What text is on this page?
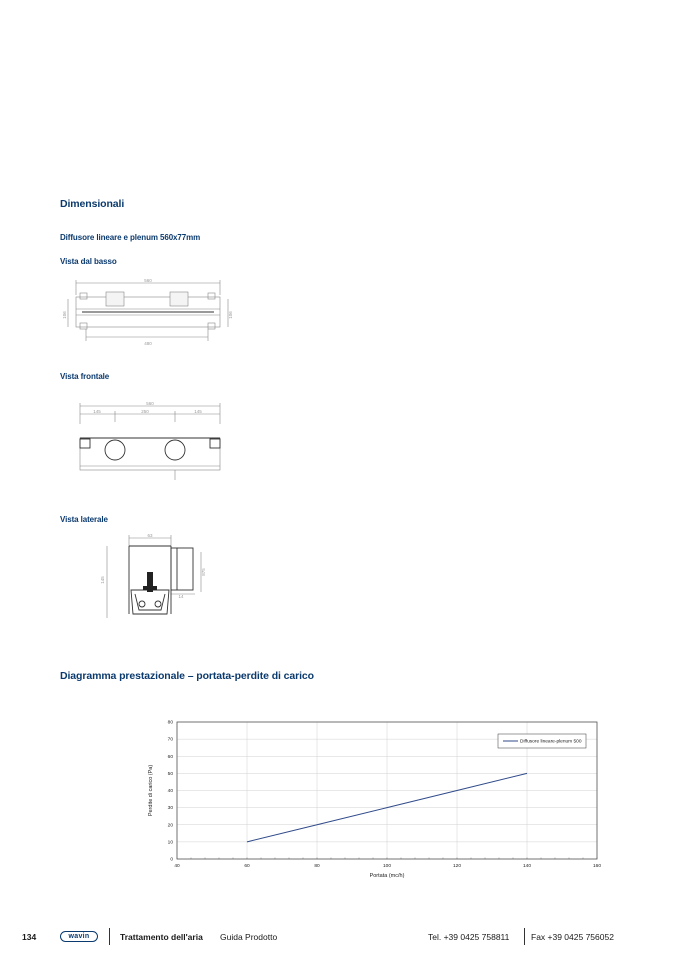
Dimensionali
Diffusore lineare e plenum 560x77mm
Vista dal basso
Vista frontale
Vista laterale
Diagramma prestazionale – portata-perdite di carico
560
106	106
480
560
145	250	145
63
145
875
14
0
10
20
30
40
50
60
70
80
40	60	80	100	120	140	160
Portata (mc/h)
Perdite di carico (Pa)
Diffusore lineare-plenum 500
134	wavin	Trattamento dell'aria Guida Prodotto	Tel. +39 0425 758811	Fax +39 0425 756052
